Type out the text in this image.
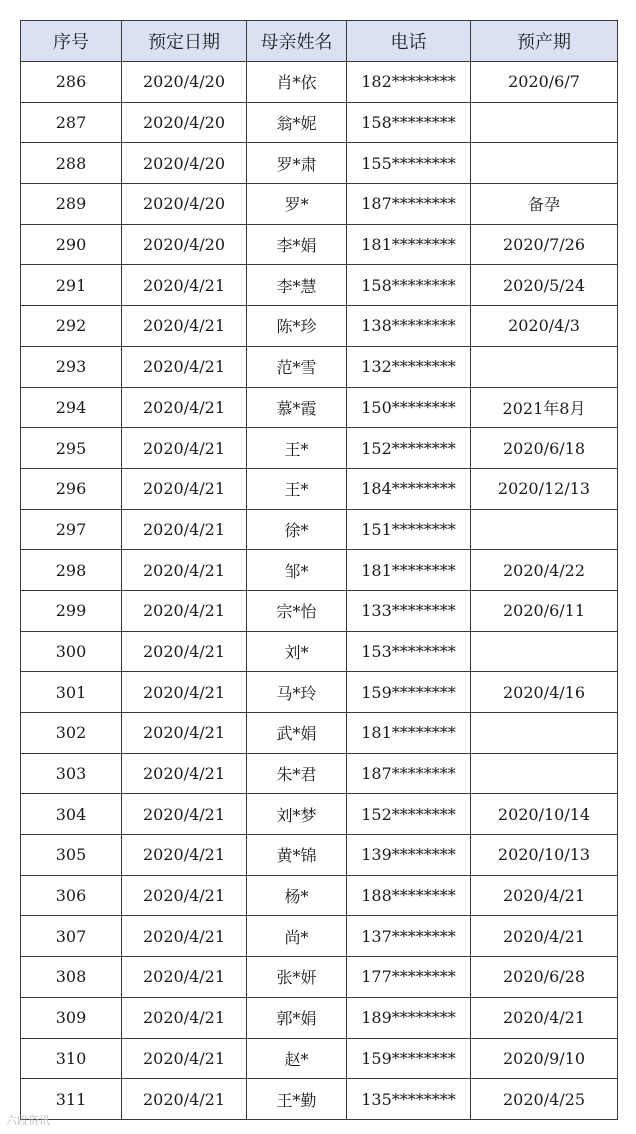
序号	预定日期	母亲姓名	电话	预产期
286	2020/4/20	肖*依	182********	2020/6/7
287	2020/4/20	翁*妮	158********	
288	2020/4/20	罗*肃	155********	
289	2020/4/20	罗*	187********	备孕
290	2020/4/20	李*娟	181********	2020/7/26
291	2020/4/21	李*慧	158********	2020/5/24
292	2020/4/21	陈*珍	138********	2020/4/3
293	2020/4/21	范*雪	132********	
294	2020/4/21	慕*霞	150********	2021年8月
295	2020/4/21	王*	152********	2020/6/18
296	2020/4/21	王*	184********	2020/12/13
297	2020/4/21	徐*	151********	
298	2020/4/21	邹*	181********	2020/4/22
299	2020/4/21	宗*怡	133********	2020/6/11
300	2020/4/21	刘*	153********	
301	2020/4/21	马*玲	159********	2020/4/16
302	2020/4/21	武*娟	181********	
303	2020/4/21	朱*君	187********	
304	2020/4/21	刘*梦	152********	2020/10/14
305	2020/4/21	黄*锦	139********	2020/10/13
306	2020/4/21	杨*	188********	2020/4/21
307	2020/4/21	尚*	137********	2020/4/21
308	2020/4/21	张*妍	177********	2020/6/28
309	2020/4/21	郭*娟	189********	2020/4/21
310	2020/4/21	赵*	159********	2020/9/10
311	2020/4/21	王*勤	135********	2020/4/25
六段资讯
